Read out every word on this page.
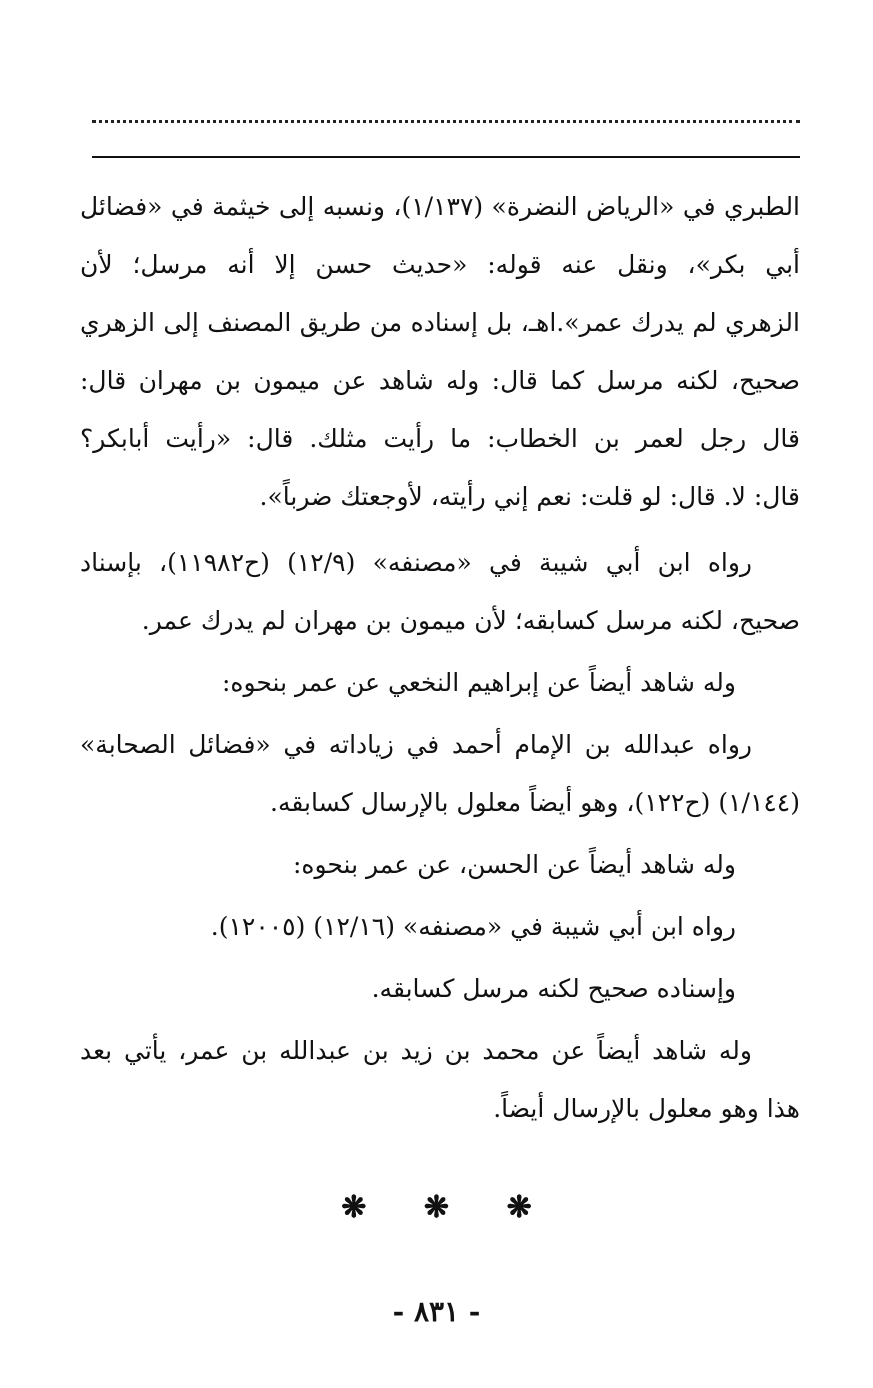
الطبري في «الرياض النضرة» (١/١٣٧)، ونسبه إلى خيثمة في «فضائل
أبي بكر»، ونقل عنه قوله: «حديث حسن إلا أنه مرسل؛ لأن
الزهري لم يدرك عمر».اهـ، بل إسناده من طريق المصنف إلى الزهري
صحيح، لكنه مرسل كما قال: وله شاهد عن ميمون بن مهران قال:
قال رجل لعمر بن الخطاب: ما رأيت مثلك. قال: «رأيت أبابكر؟
قال: لا. قال: لو قلت: نعم إني رأيته، لأوجعتك ضرباً».
رواه ابن أبي شيبة في «مصنفه» (١٢/٩) (ح١١٩٨٢)، بإسناد
صحيح، لكنه مرسل كسابقه؛ لأن ميمون بن مهران لم يدرك عمر.
وله شاهد أيضاً عن إبراهيم النخعي عن عمر بنحوه:
رواه عبدالله بن الإمام أحمد في زياداته في «فضائل الصحابة»
(١/١٤٤) (ح١٢٢)، وهو أيضاً معلول بالإرسال كسابقه.
وله شاهد أيضاً عن الحسن، عن عمر بنحوه:
رواه ابن أبي شيبة في «مصنفه» (١٢/١٦) (١٢٠٠٥).
وإسناده صحيح لكنه مرسل كسابقه.
وله شاهد أيضاً عن محمد بن زيد بن عبدالله بن عمر، يأتي بعد
هذا وهو معلول بالإرسال أيضاً.
❋ ❋ ❋
- ٨٣١ -
